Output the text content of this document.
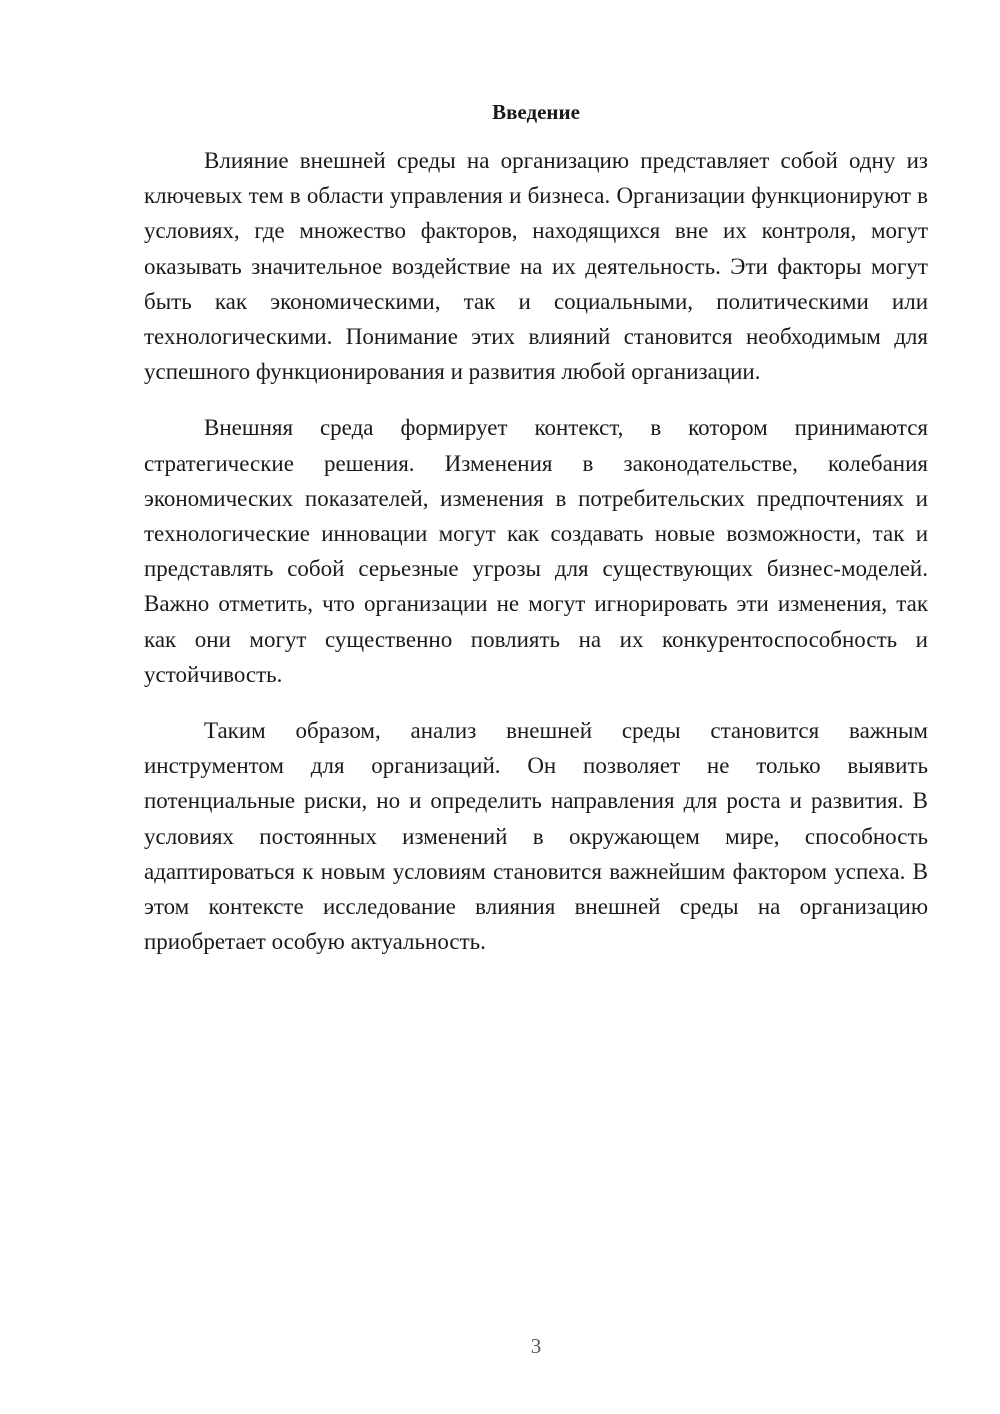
Введение

Влияние внешней среды на организацию представляет собой одну из ключевых тем в области управления и бизнеса. Организации функционируют в условиях, где множество факторов, находящихся вне их контроля, могут оказывать значительное воздействие на их деятельность. Эти факторы могут быть как экономическими, так и социальными, политическими или технологическими. Понимание этих влияний становится необходимым для успешного функционирования и развития любой организации.

Внешняя среда формирует контекст, в котором принимаются стратегические решения. Изменения в законодательстве, колебания экономических показателей, изменения в потребительских предпочтениях и технологические инновации могут как создавать новые возможности, так и представлять собой серьезные угрозы для существующих бизнес-моделей. Важно отметить, что организации не могут игнорировать эти изменения, так как они могут существенно повлиять на их конкурентоспособность и устойчивость.

Таким образом, анализ внешней среды становится важным инструментом для организаций. Он позволяет не только выявить потенциальные риски, но и определить направления для роста и развития. В условиях постоянных изменений в окружающем мире, способность адаптироваться к новым условиям становится важнейшим фактором успеха. В этом контексте исследование влияния внешней среды на организацию приобретает особую актуальность.

3
